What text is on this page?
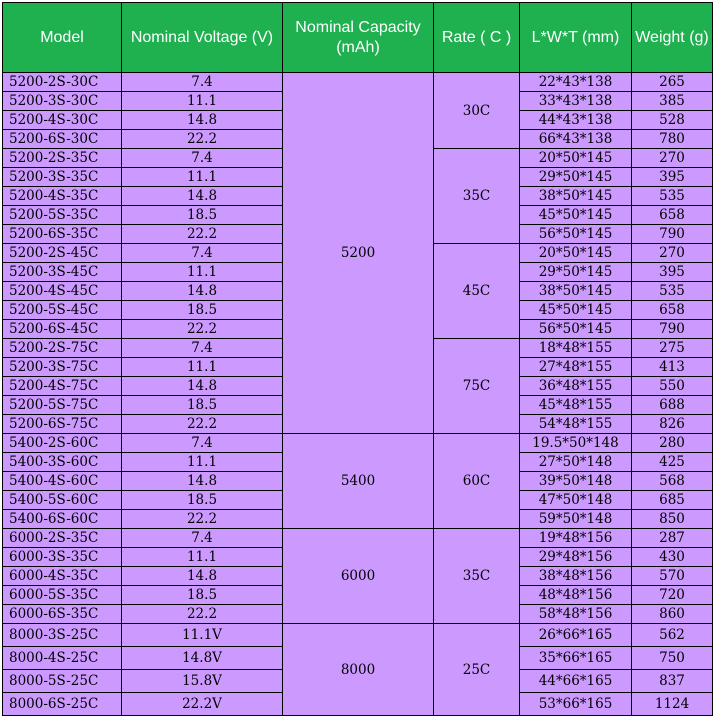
Model	Nominal Voltage (V)	Nominal Capacity (mAh)	Rate ( C )	L*W*T (mm)	Weight (g)
5200-2S-30C	7.4	5200	30C	22*43*138	265
5200-3S-30C	11.1			33*43*138	385
5200-4S-30C	14.8			44*43*138	528
5200-6S-30C	22.2			66*43*138	780
5200-2S-35C	7.4		35C	20*50*145	270
5200-3S-35C	11.1			29*50*145	395
5200-4S-35C	14.8			38*50*145	535
5200-5S-35C	18.5			45*50*145	658
5200-6S-35C	22.2			56*50*145	790
5200-2S-45C	7.4		45C	20*50*145	270
5200-3S-45C	11.1			29*50*145	395
5200-4S-45C	14.8			38*50*145	535
5200-5S-45C	18.5			45*50*145	658
5200-6S-45C	22.2			56*50*145	790
5200-2S-75C	7.4		75C	18*48*155	275
5200-3S-75C	11.1			27*48*155	413
5200-4S-75C	14.8			36*48*155	550
5200-5S-75C	18.5			45*48*155	688
5200-6S-75C	22.2			54*48*155	826
5400-2S-60C	7.4	5400	60C	19.5*50*148	280
5400-3S-60C	11.1			27*50*148	425
5400-4S-60C	14.8			39*50*148	568
5400-5S-60C	18.5			47*50*148	685
5400-6S-60C	22.2			59*50*148	850
6000-2S-35C	7.4	6000	35C	19*48*156	287
6000-3S-35C	11.1			29*48*156	430
6000-4S-35C	14.8			38*48*156	570
6000-5S-35C	18.5			48*48*156	720
6000-6S-35C	22.2			58*48*156	860
8000-3S-25C	11.1V	8000	25C	26*66*165	562
8000-4S-25C	14.8V			35*66*165	750
8000-5S-25C	15.8V			44*66*165	837
8000-6S-25C	22.2V			53*66*165	1124
